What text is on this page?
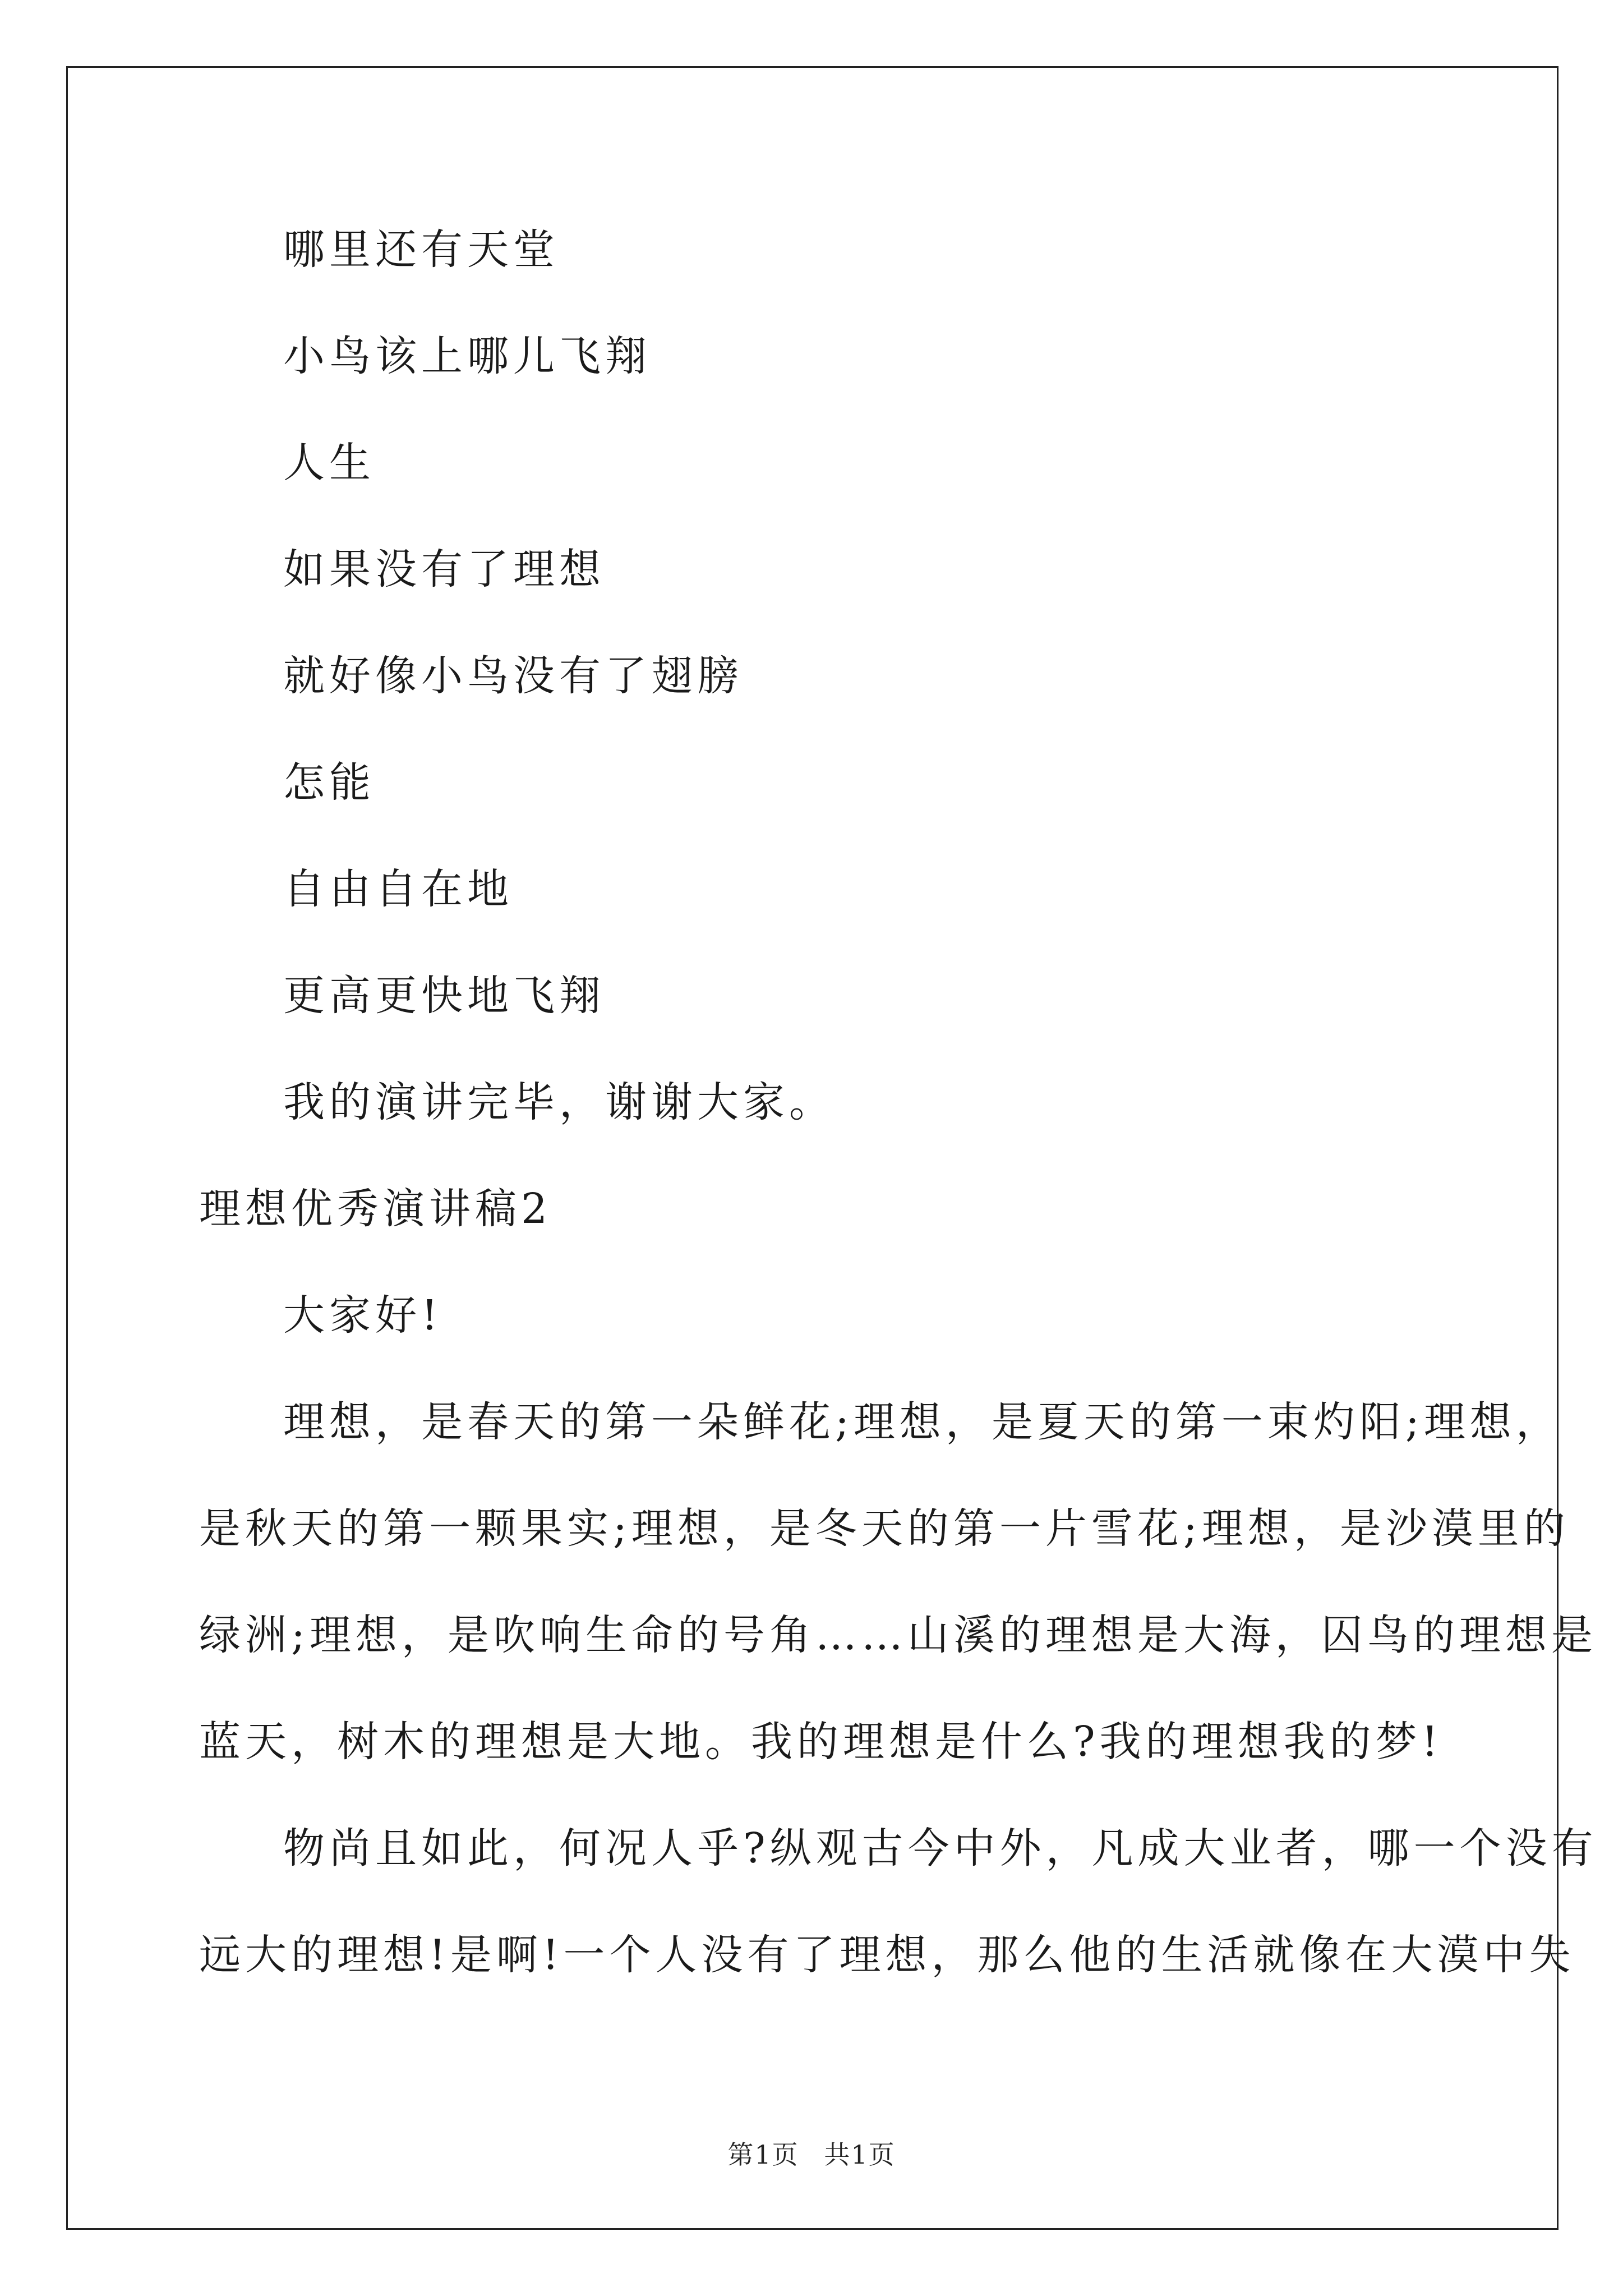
哪里还有天堂
小鸟该上哪儿飞翔
人生
如果没有了理想
就好像小鸟没有了翅膀
怎能
自由自在地
更高更快地飞翔
我的演讲完毕，谢谢大家。
理想优秀演讲稿2
大家好!
理想，是春天的第一朵鲜花;理想，是夏天的第一束灼阳;理想，
是秋天的第一颗果实;理想，是冬天的第一片雪花;理想，是沙漠里的
绿洲;理想，是吹响生命的号角……山溪的理想是大海，囚鸟的理想是
蓝天，树木的理想是大地。我的理想是什么?我的理想我的梦!
物尚且如此，何况人乎?纵观古今中外，凡成大业者，哪一个没有
远大的理想!是啊!一个人没有了理想，那么他的生活就像在大漠中失
第1页 共1页
